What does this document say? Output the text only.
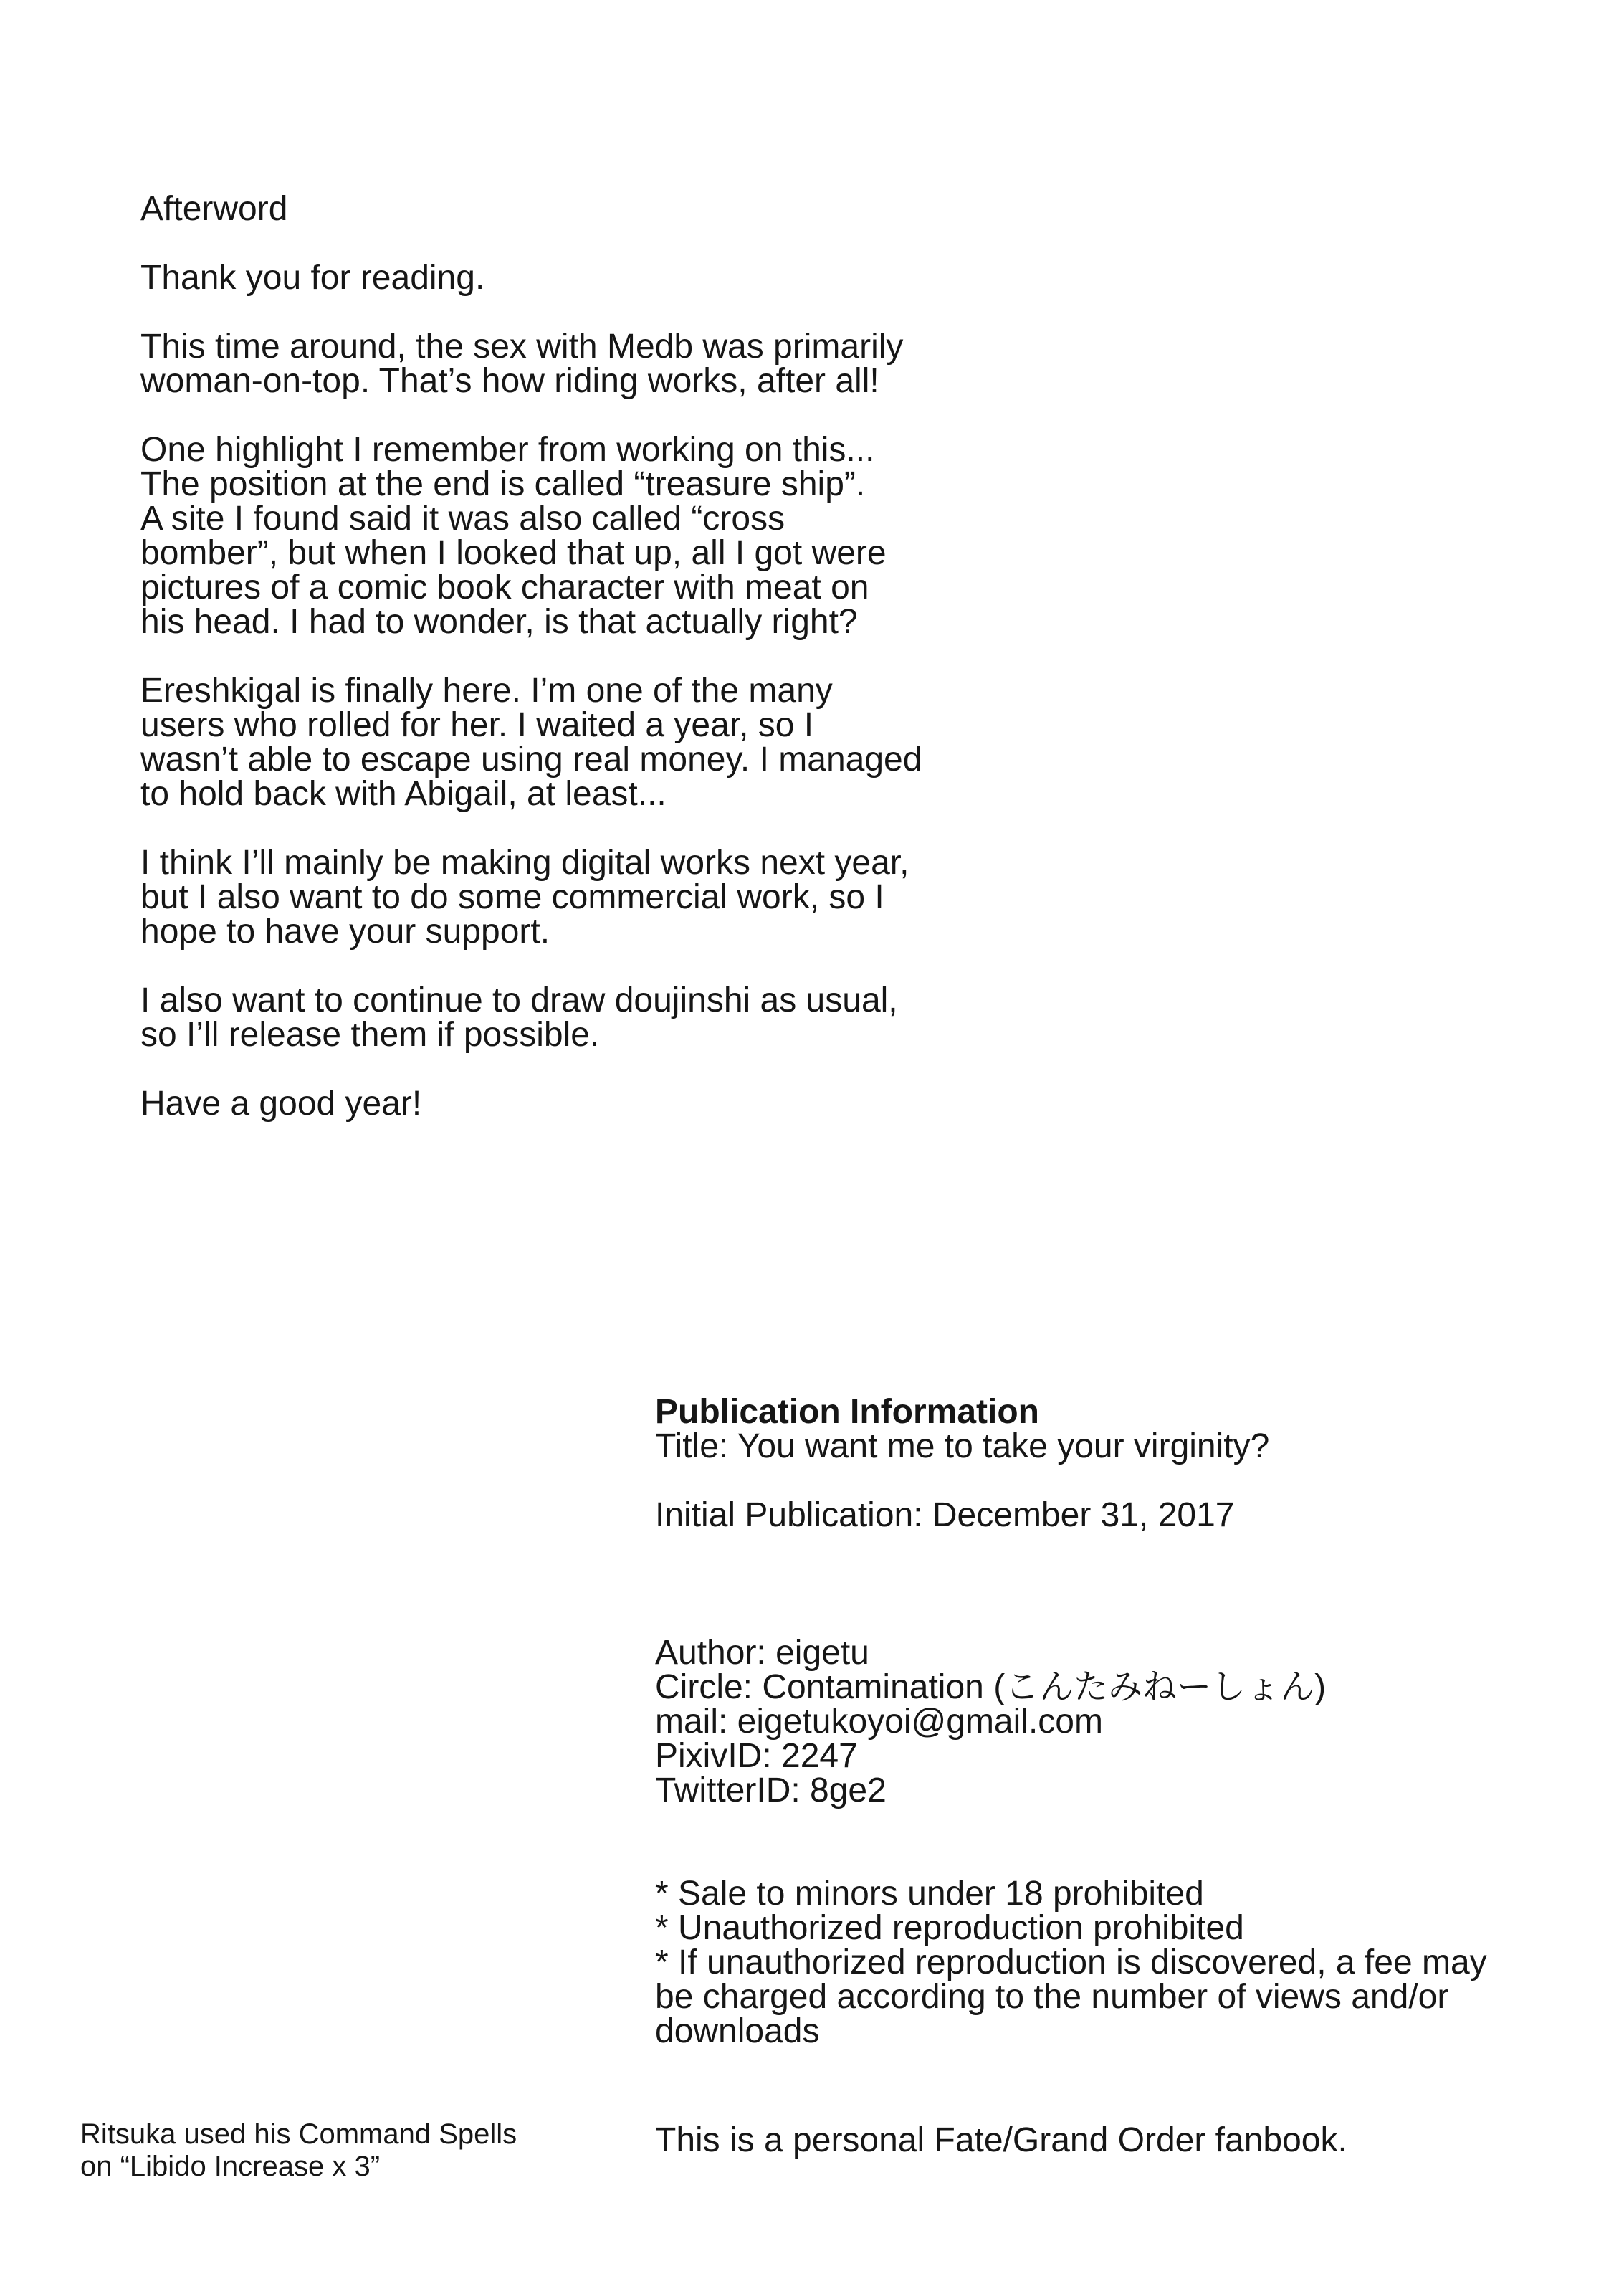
Afterword

Thank you for reading.

This time around, the sex with Medb was primarily
woman-on-top. That’s how riding works, after all!

One highlight I remember from working on this...
The position at the end is called “treasure ship”.
A site I found said it was also called “cross
bomber”, but when I looked that up, all I got were
pictures of a comic book character with meat on
his head. I had to wonder, is that actually right?

Ereshkigal is finally here. I’m one of the many
users who rolled for her. I waited a year, so I
wasn’t able to escape using real money. I managed
to hold back with Abigail, at least...

I think I’ll mainly be making digital works next year,
but I also want to do some commercial work, so I
hope to have your support.

I also want to continue to draw doujinshi as usual,
so I’ll release them if possible.

Have a good year!

Publication Information
Title: You want me to take your virginity?
Initial Publication: December 31, 2017
Author: eigetu
Circle: Contamination (こんたみねーしょん)
mail: eigetukoyoi@gmail.com
PixivID: 2247
TwitterID: 8ge2
* Sale to minors under 18 prohibited
* Unauthorized reproduction prohibited
* If unauthorized reproduction is discovered, a fee may
be charged according to the number of views and/or
downloads
Ritsuka used his Command Spells
on “Libido Increase x 3”
This is a personal Fate/Grand Order fanbook.
